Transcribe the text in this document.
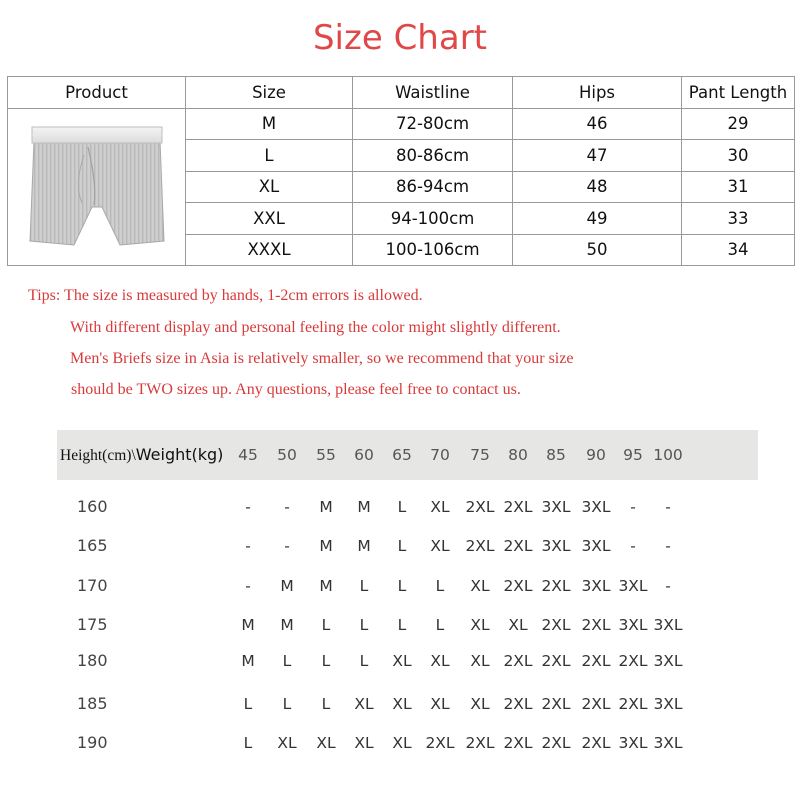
Size Chart
Product	Size	Waistline	Hips	Pant Length
	M	72-80cm	46	29
	L	80-86cm	47	30
	XL	86-94cm	48	31
	XXL	94-100cm	49	33
	XXXL	100-106cm	50	34
Tips: The size is measured by hands, 1-2cm errors is allowed.
With different display and personal feeling the color might slightly different.
Men's Briefs size in Asia is relatively smaller, so we recommend that your size
should be TWO sizes up. Any questions, please feel free to contact us.
Height(cm)\Weight(kg) 45	50	55	60	65	70	75	80	85	90	95 100
160	-	-	M	M	L	XL	2XL 2XL 3XL 3XL	-	-
165	-	-	M	M	L	XL	2XL 2XL 3XL 3XL	-	-
170	-	M	M	L	L	L	XL 2XL 2XL 3XL 3XL	-
175	M	M	L	L	L	L	XL	XL 2XL 2XL 3XL 3XL
180	M	L	L	L	XL	XL	XL 2XL 2XL 2XL 2XL 3XL
185	L	L	L	XL	XL	XL	XL 2XL 2XL 2XL 2XL 3XL
190	L	XL	XL	XL	XL 2XL 2XL 2XL 2XL 2XL 3XL 3XL
